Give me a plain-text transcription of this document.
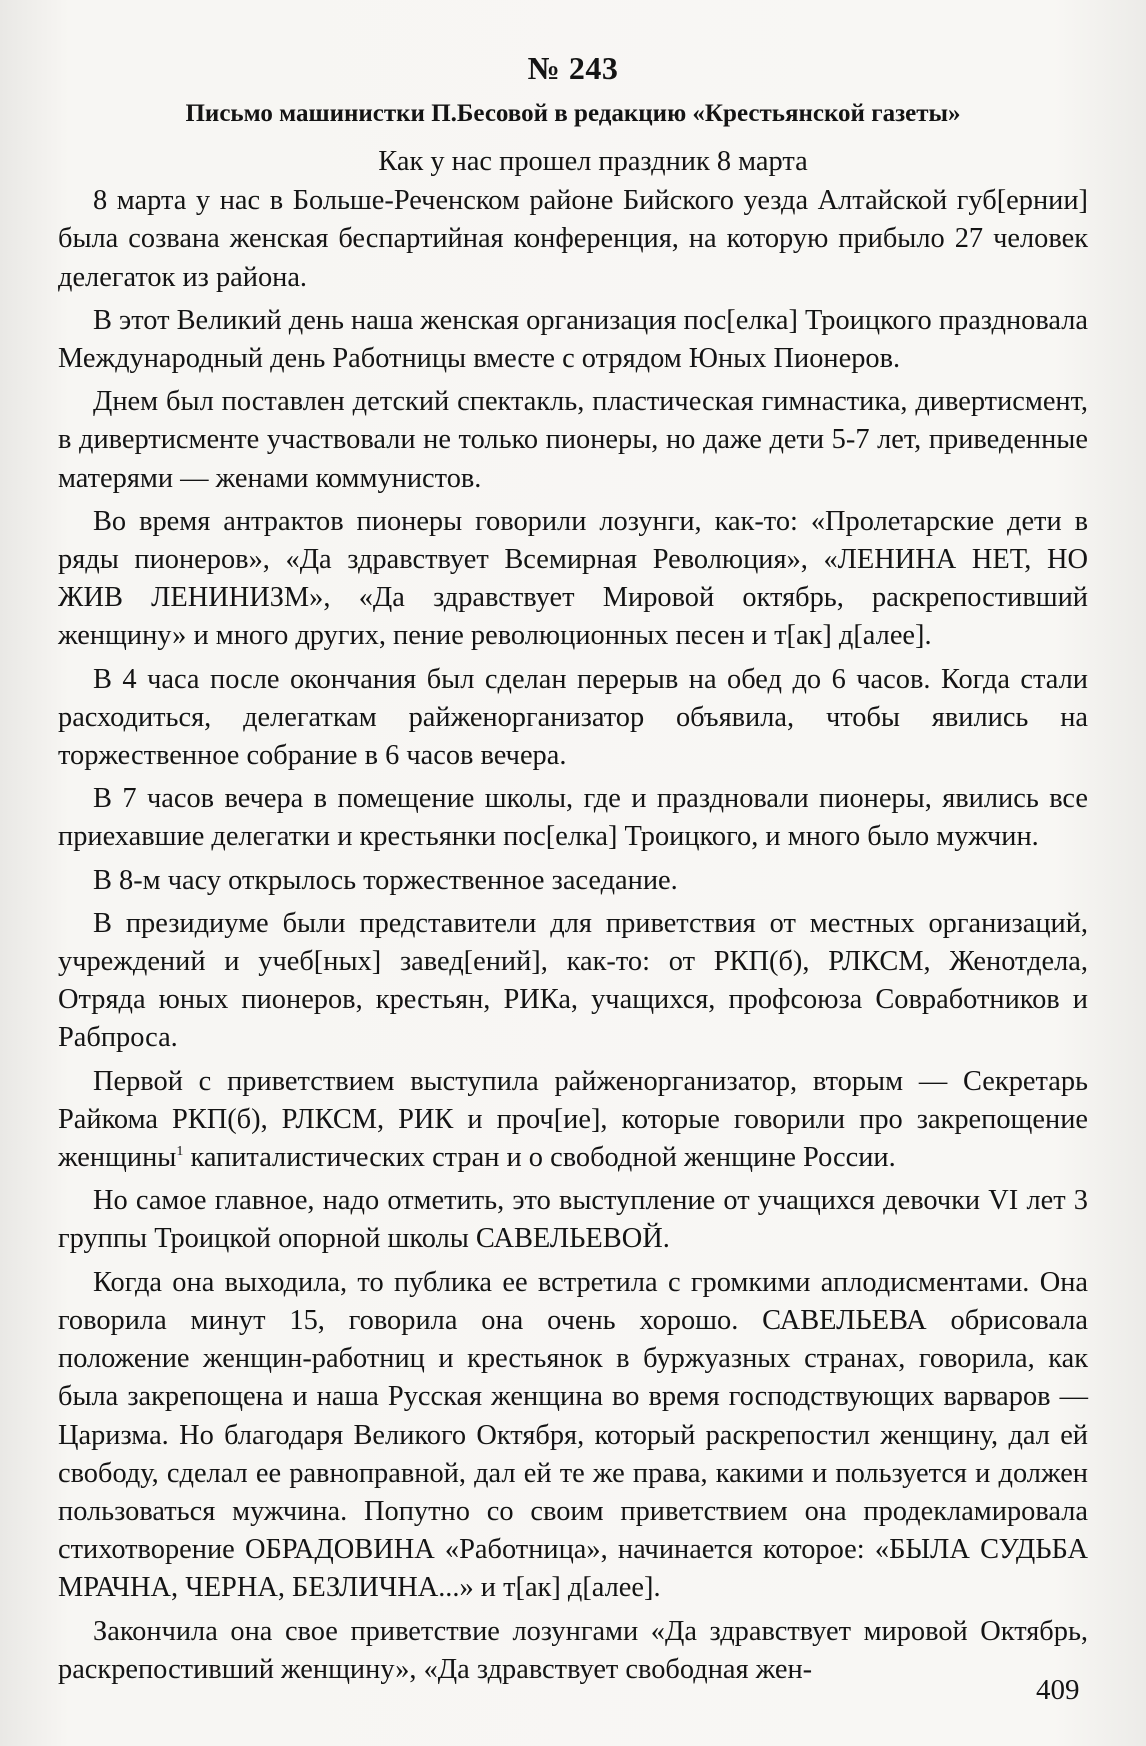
№ 243
Письмо машинистки П.Бесовой в редакцию «Крестьянской газеты»
Как у нас прошел праздник 8 марта

8 марта у нас в Больше-Реченском районе Бийского уезда Алтайской губ[ернии] была созвана женская беспартийная конференция, на которую прибыло 27 человек делегаток из района.

В этот Великий день наша женская организация пос[елка] Троицкого праздновала Международный день Работницы вместе с отрядом Юных Пионеров.

Днем был поставлен детский спектакль, пластическая гимнастика, дивертисмент, в дивертисменте участвовали не только пионеры, но даже дети 5-7 лет, приведенные матерями — женами коммунистов.

Во время антрактов пионеры говорили лозунги, как-то: «Пролетарские дети в ряды пионеров», «Да здравствует Всемирная Революция», «ЛЕНИНА НЕТ, НО ЖИВ ЛЕНИНИЗМ», «Да здравствует Мировой октябрь, раскрепостивший женщину» и много других, пение революционных песен и т[ак] д[алее].

В 4 часа после окончания был сделан перерыв на обед до 6 часов. Когда стали расходиться, делегаткам райженорганизатор объявила, чтобы явились на торжественное собрание в 6 часов вечера.

В 7 часов вечера в помещение школы, где и праздновали пионеры, явились все приехавшие делегатки и крестьянки пос[елка] Троицкого, и много было мужчин.

В 8-м часу открылось торжественное заседание.

В президиуме были представители для приветствия от местных организаций, учреждений и учеб[ных] завед[ений], как-то: от РКП(б), РЛКСМ, Женотдела, Отряда юных пионеров, крестьян, РИКа, учащихся, профсоюза Совработников и Рабпроса.

Первой с приветствием выступила райженорганизатор, вторым — Секретарь Райкома РКП(б), РЛКСМ, РИК и проч[ие], которые говорили про закрепощение женщины$^1$ капиталистических стран и о свободной женщине России.

Но самое главное, надо отметить, это выступление от учащихся девочки VI лет 3 группы Троицкой опорной школы САВЕЛЬЕВОЙ.

Когда она выходила, то публика ее встретила с громкими аплодисментами. Она говорила минут 15, говорила она очень хорошо. САВЕЛЬЕВА обрисовала положение женщин-работниц и крестьянок в буржуазных странах, говорила, как была закрепощена и наша Русская женщина во время господствующих варваров — Царизма. Но благодаря Великого Октября, который раскрепостил женщину, дал ей свободу, сделал ее равноправной, дал ей те же права, какими и пользуется и должен пользоваться мужчина. Попутно со своим приветствием она продекламировала стихотворение ОБРАДОВИНА «Работница», начинается которое: «БЫЛА СУДЬБА МРАЧНА, ЧЕРНА, БЕЗЛИЧНА...» и т[ак] д[алее].

Закончила она свое приветствие лозунгами «Да здравствует мировой Октябрь, раскрепостивший женщину», «Да здравствует свободная жен-

409
